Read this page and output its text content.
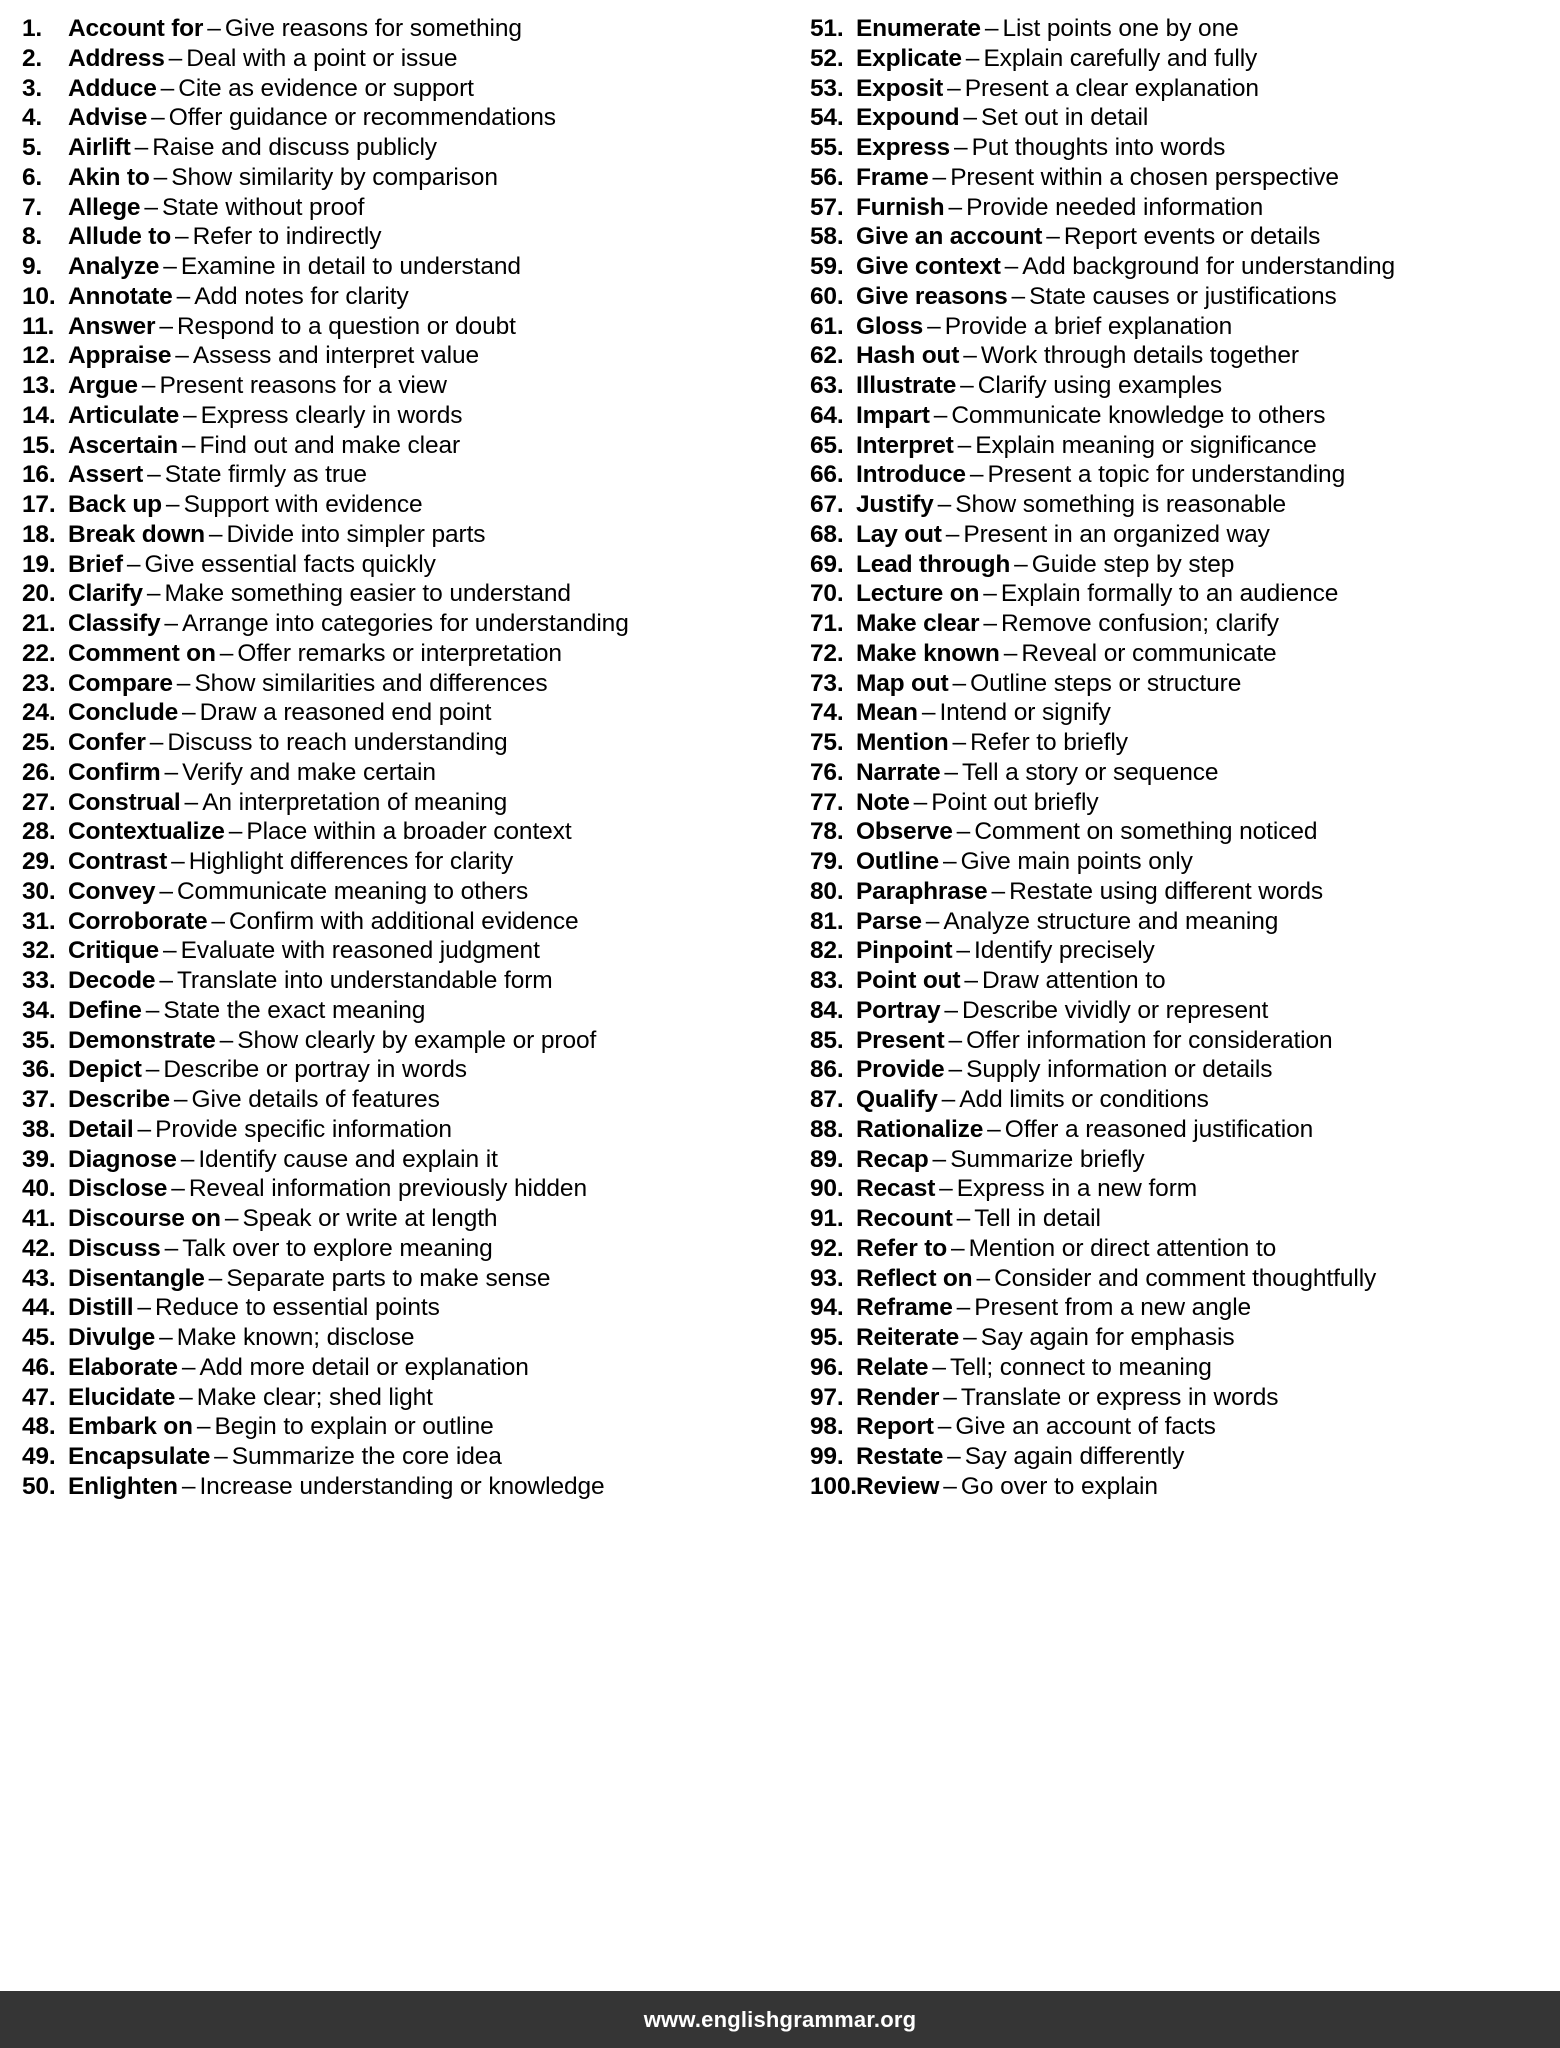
1.	Account for – Give reasons for something
2.	Address – Deal with a point or issue
3.	Adduce – Cite as evidence or support
4.	Advise – Offer guidance or recommendations
5.	Airlift – Raise and discuss publicly
6.	Akin to – Show similarity by comparison
7.	Allege – State without proof
8.	Allude to – Refer to indirectly
9.	Analyze – Examine in detail to understand
10. Annotate – Add notes for clarity
11. Answer – Respond to a question or doubt
12. Appraise – Assess and interpret value
13. Argue – Present reasons for a view
14. Articulate – Express clearly in words
15. Ascertain – Find out and make clear
16. Assert – State firmly as true
17. Back up – Support with evidence
18. Break down – Divide into simpler parts
19. Brief – Give essential facts quickly
20. Clarify – Make something easier to understand
21. Classify – Arrange into categories for understanding
22. Comment on – Offer remarks or interpretation
23. Compare – Show similarities and differences
24. Conclude – Draw a reasoned end point
25. Confer – Discuss to reach understanding
26. Confirm – Verify and make certain
27. Construal – An interpretation of meaning
28. Contextualize – Place within a broader context
29. Contrast – Highlight differences for clarity
30. Convey – Communicate meaning to others
31. Corroborate – Confirm with additional evidence
32. Critique – Evaluate with reasoned judgment
33. Decode – Translate into understandable form
34. Define – State the exact meaning
35. Demonstrate – Show clearly by example or proof
36. Depict – Describe or portray in words
37. Describe – Give details of features
38. Detail – Provide specific information
39. Diagnose – Identify cause and explain it
40. Disclose – Reveal information previously hidden
41. Discourse on – Speak or write at length
42. Discuss – Talk over to explore meaning
43. Disentangle – Separate parts to make sense
44. Distill – Reduce to essential points
45. Divulge – Make known; disclose
46. Elaborate – Add more detail or explanation
47. Elucidate – Make clear; shed light
48. Embark on – Begin to explain or outline
49. Encapsulate – Summarize the core idea
50. Enlighten – Increase understanding or knowledge
51. Enumerate – List points one by one
52. Explicate – Explain carefully and fully
53. Exposit – Present a clear explanation
54. Expound – Set out in detail
55. Express – Put thoughts into words
56. Frame – Present within a chosen perspective
57. Furnish – Provide needed information
58. Give an account – Report events or details
59. Give context – Add background for understanding
60. Give reasons – State causes or justifications
61. Gloss – Provide a brief explanation
62. Hash out – Work through details together
63. Illustrate – Clarify using examples
64. Impart – Communicate knowledge to others
65. Interpret – Explain meaning or significance
66. Introduce – Present a topic for understanding
67. Justify – Show something is reasonable
68. Lay out – Present in an organized way
69. Lead through – Guide step by step
70. Lecture on – Explain formally to an audience
71. Make clear – Remove confusion; clarify
72. Make known – Reveal or communicate
73. Map out – Outline steps or structure
74. Mean – Intend or signify
75. Mention – Refer to briefly
76. Narrate – Tell a story or sequence
77. Note – Point out briefly
78. Observe – Comment on something noticed
79. Outline – Give main points only
80. Paraphrase – Restate using different words
81. Parse – Analyze structure and meaning
82. Pinpoint – Identify precisely
83. Point out – Draw attention to
84. Portray – Describe vividly or represent
85. Present – Offer information for consideration
86. Provide – Supply information or details
87. Qualify – Add limits or conditions
88. Rationalize – Offer a reasoned justification
89. Recap – Summarize briefly
90. Recast – Express in a new form
91. Recount – Tell in detail
92. Refer to – Mention or direct attention to
93. Reflect on – Consider and comment thoughtfully
94. Reframe – Present from a new angle
95. Reiterate – Say again for emphasis
96. Relate – Tell; connect to meaning
97. Render – Translate or express in words
98. Report – Give an account of facts
99. Restate – Say again differently
100. Review – Go over to explain
www.englishgrammar.org
